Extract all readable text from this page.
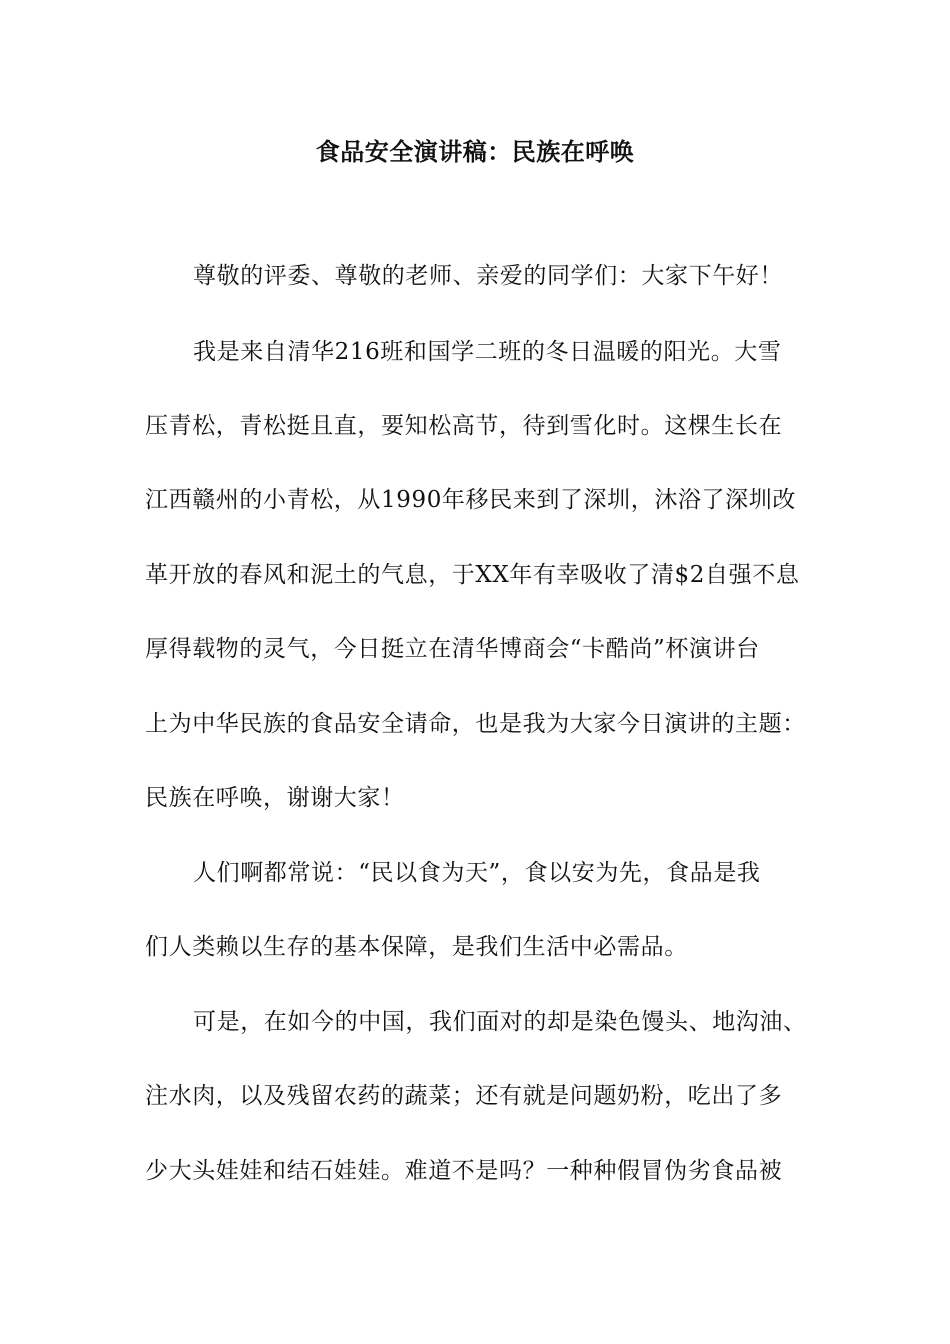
食品安全演讲稿：民族在呼唤
尊敬的评委、尊敬的老师、亲爱的同学们：大家下午好！
我是来自清华216班和国学二班的冬日温暖的阳光。大雪
压青松，青松挺且直，要知松高节，待到雪化时。这棵生长在
江西赣州的小青松，从1990年移民来到了深圳，沐浴了深圳改
革开放的春风和泥土的气息，于XX年有幸吸收了清$2自强不息
厚得载物的灵气，今日挺立在清华博商会“卡酷尚”杯演讲台
上为中华民族的食品安全请命，也是我为大家今日演讲的主题：
民族在呼唤，谢谢大家！
人们啊都常说：“民以食为天”，食以安为先，食品是我
们人类赖以生存的基本保障，是我们生活中必需品。
可是，在如今的中国，我们面对的却是染色馒头、地沟油、
注水肉，以及残留农药的蔬菜；还有就是问题奶粉，吃出了多
少大头娃娃和结石娃娃。难道不是吗？一种种假冒伪劣食品被
